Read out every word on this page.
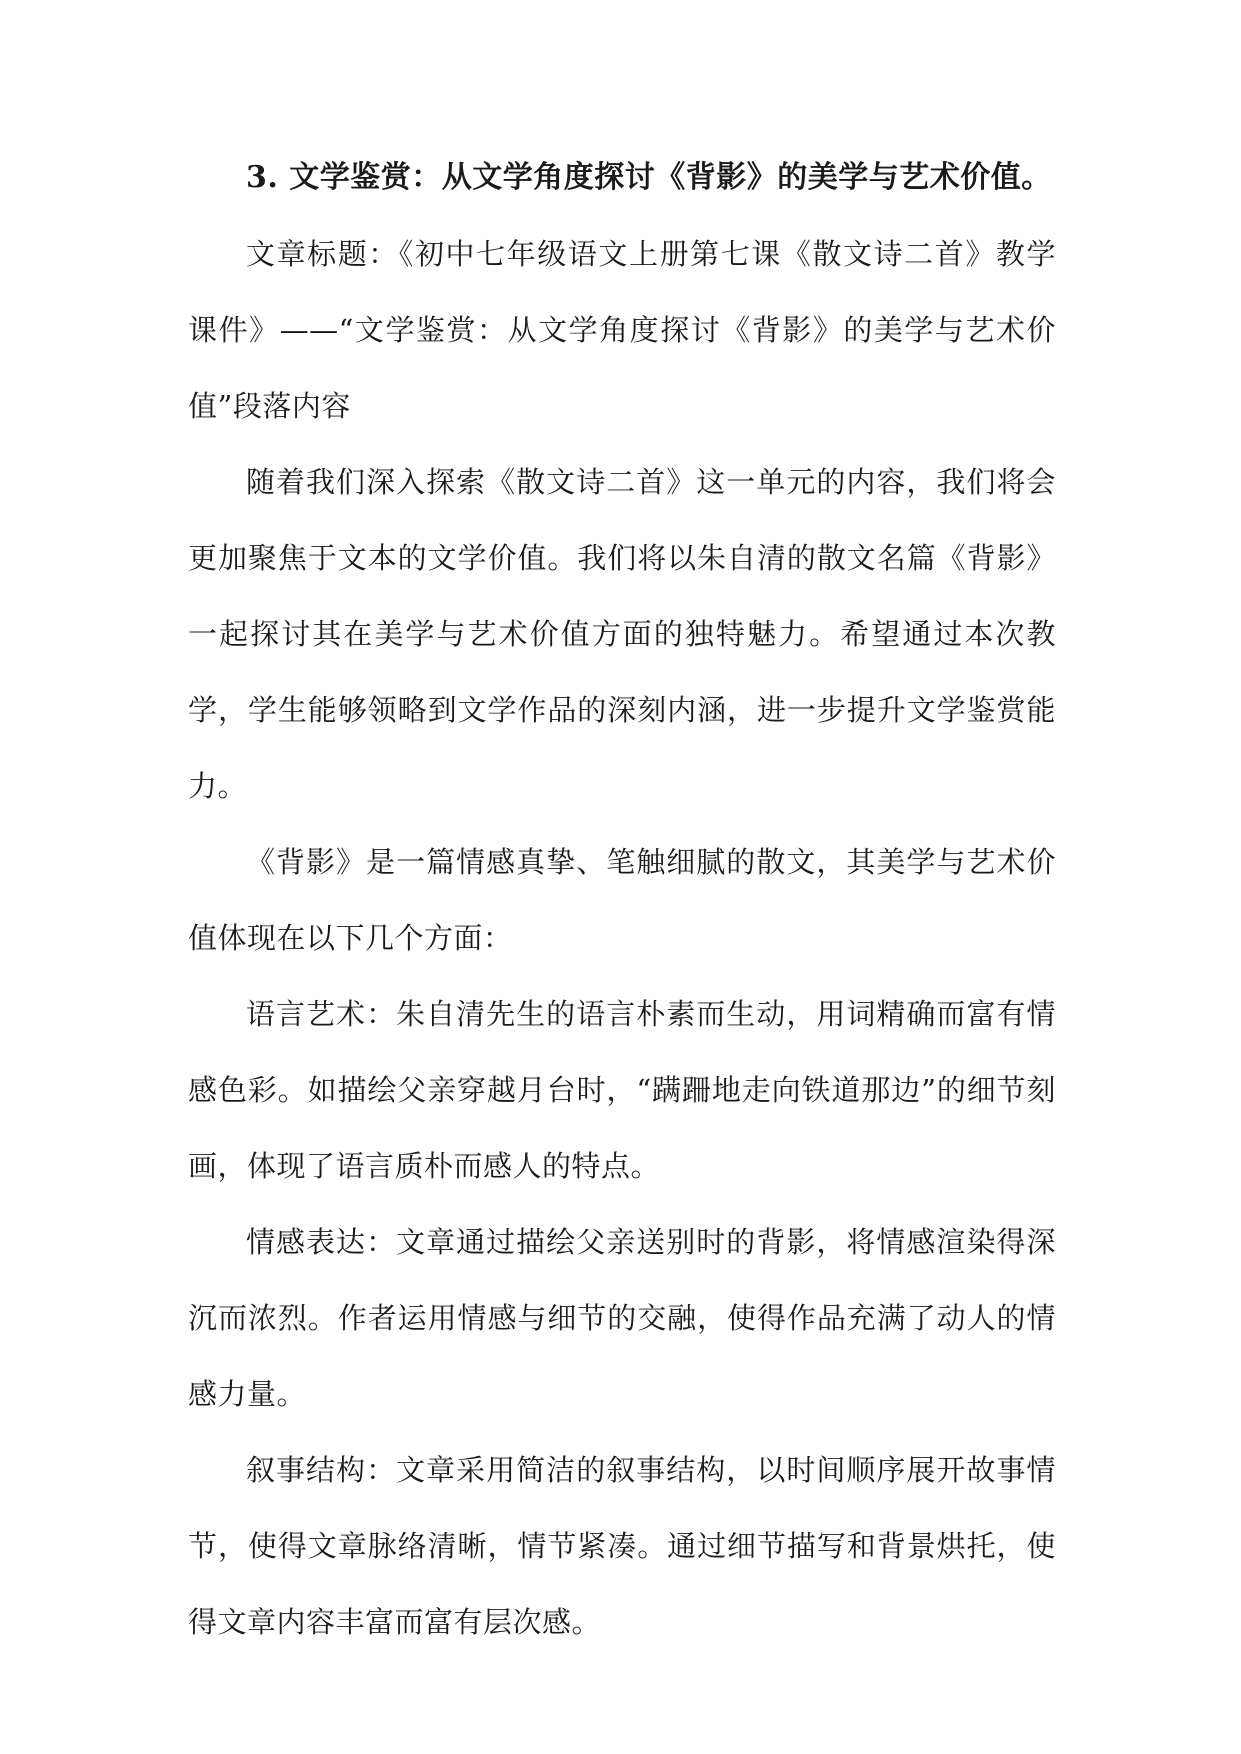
3. 文学鉴赏：从文学角度探讨《背影》的美学与艺术价值。

文章标题：《初中七年级语文上册第七课《散文诗二首》教学课件》——“文学鉴赏：从文学角度探讨《背影》的美学与艺术价值”段落内容

随着我们深入探索《散文诗二首》这一单元的内容，我们将会更加聚焦于文本的文学价值。我们将以朱自清的散文名篇《背影》一起探讨其在美学与艺术价值方面的独特魅力。希望通过本次教学，学生能够领略到文学作品的深刻内涵，进一步提升文学鉴赏能力。

《背影》是一篇情感真挚、笔触细腻的散文，其美学与艺术价值体现在以下几个方面：

语言艺术：朱自清先生的语言朴素而生动，用词精确而富有情感色彩。如描绘父亲穿越月台时，“蹒跚地走向铁道那边”的细节刻画，体现了语言质朴而感人的特点。

情感表达：文章通过描绘父亲送别时的背影，将情感渲染得深沉而浓烈。作者运用情感与细节的交融，使得作品充满了动人的情感力量。

叙事结构：文章采用简洁的叙事结构，以时间顺序展开故事情节，使得文章脉络清晰，情节紧凑。通过细节描写和背景烘托，使得文章内容丰富而富有层次感。
